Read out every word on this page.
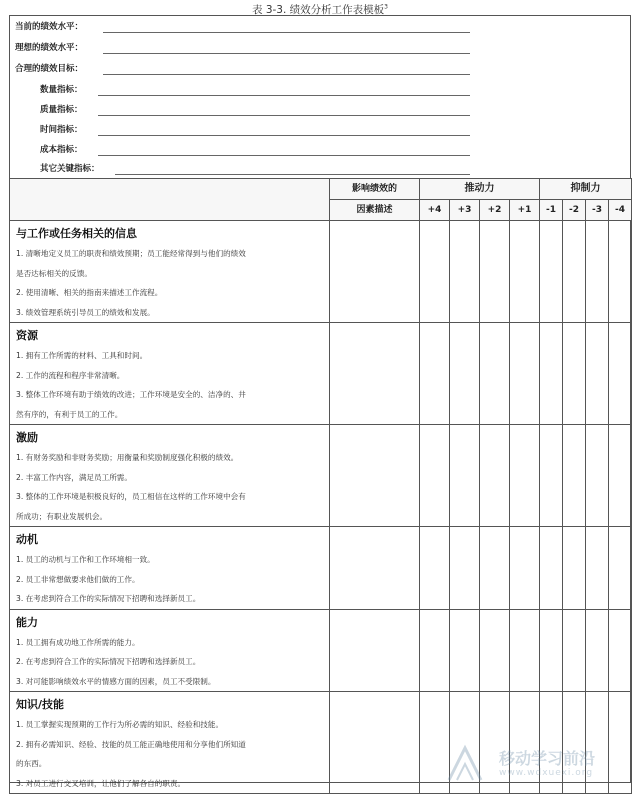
表 3-3. 绩效分析工作表模板$^3$
当前的绩效水平：
理想的绩效水平：
合理的绩效目标：
数量指标：
质量指标：
时间指标：
成本指标：
其它关键指标：

	影响绩效的	推动力				抑制力			

	因素描述	+4	+3	+2	+1	-1	-2	-3	-4

与工作或任务相关的信息
1. 清晰地定义员工的职责和绩效预期；员工能经常得到与他们的绩效
是否达标相关的反馈。
2. 使用清晰、相关的指南来描述工作流程。
3. 绩效管理系统引导员工的绩效和发展。									

资源
1. 拥有工作所需的材料、工具和时间。
2. 工作的流程和程序非常清晰。
3. 整体工作环境有助于绩效的改进；工作环境是安全的、洁净的、井
然有序的，有利于员工的工作。									

激励
1. 有财务奖励和非财务奖励；用衡量和奖励制度强化积极的绩效。
2. 丰富工作内容，满足员工所需。
3. 整体的工作环境是积极良好的，员工相信在这样的工作环境中会有
所成功；有职业发展机会。									

动机
1. 员工的动机与工作和工作环境相一致。
2. 员工非常想做要求他们做的工作。
3. 在考虑到符合工作的实际情况下招聘和选择新员工。									

能力
1. 员工拥有成功地工作所需的能力。
2. 在考虑到符合工作的实际情况下招聘和选择新员工。
3. 对可能影响绩效水平的情感方面的因素，员工不受限制。									

知识/技能
1. 员工掌握实现预期的工作行为所必需的知识、经验和技能。
2. 拥有必需知识、经验、技能的员工能正确地使用和分享他们所知道
的东西。
3. 对员工进行交叉培训，让他们了解各自的职责。									

移动学习前沿
www.wdxuexi.org
